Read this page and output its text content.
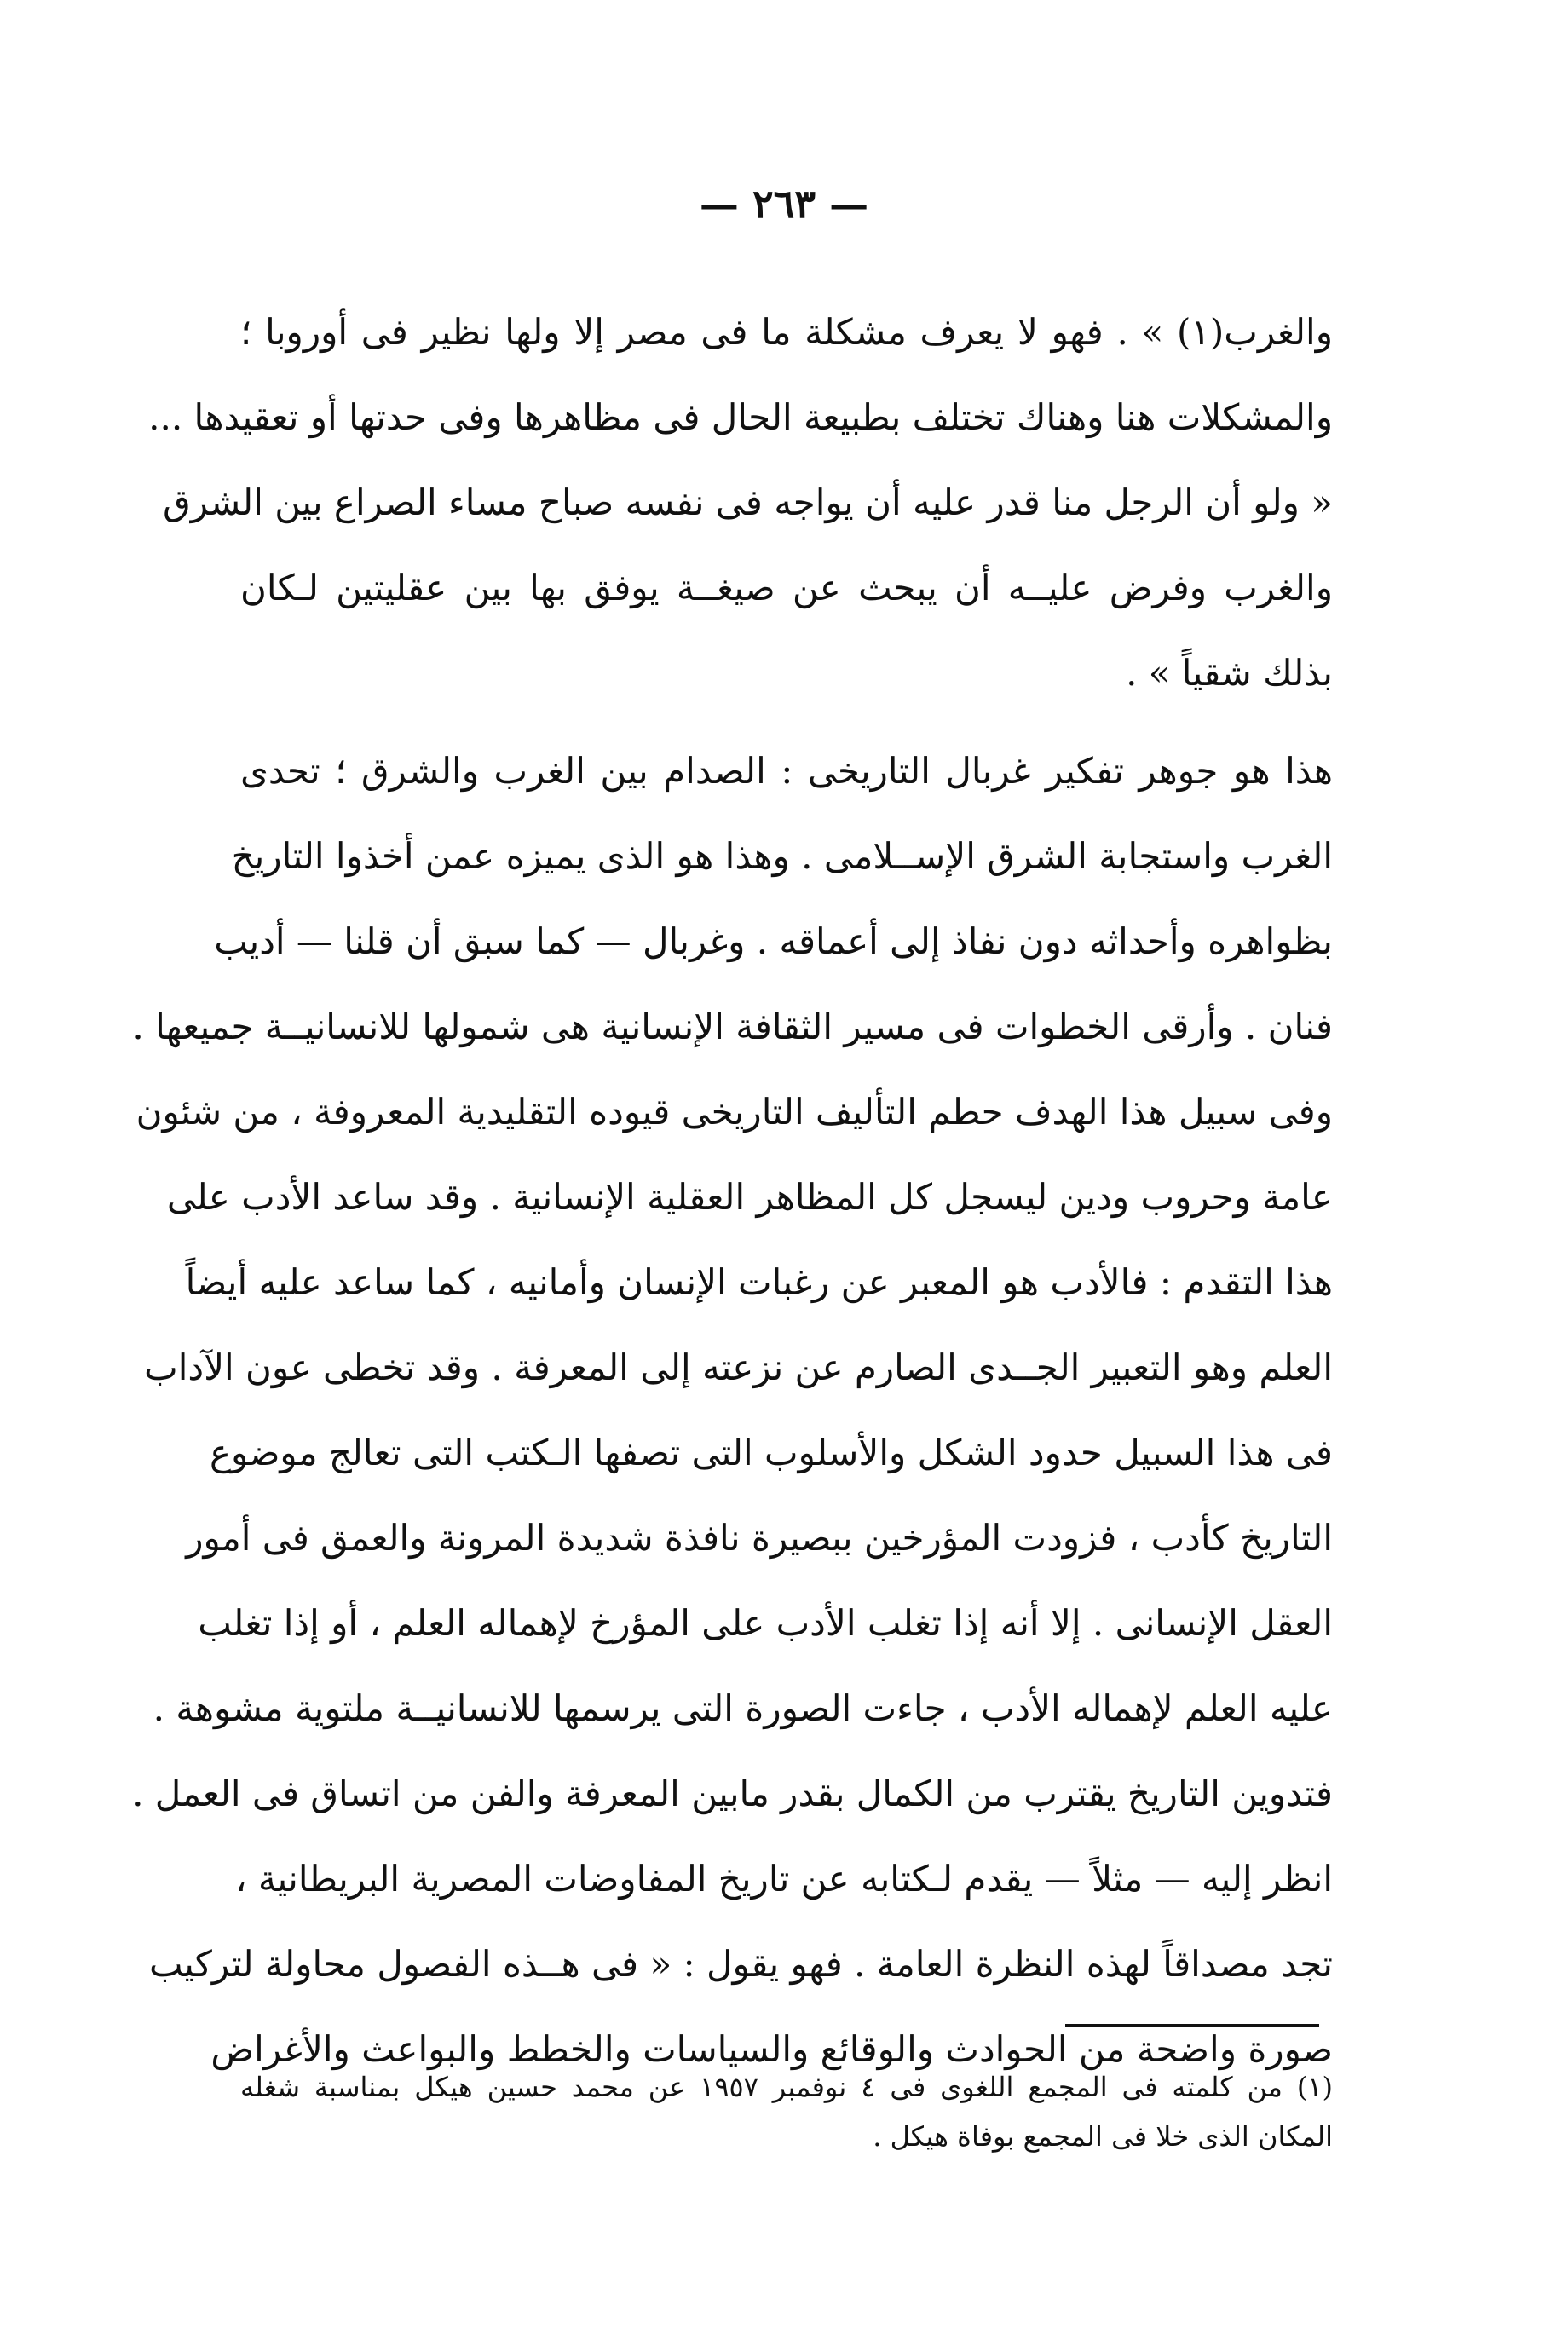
— ٢٦٣ —
والغرب(١) » . فهو لا يعرف مشكلة ما فى مصر إلا ولها نظير فى أوروبا ؛
والمشكلات هنا وهناك تختلف بطبيعة الحال فى مظاهرها وفى حدتها أو تعقيدها ...
« ولو أن الرجل منا قدر عليه أن يواجه فى نفسه صباح مساء الصراع بين الشرق
والغرب وفرض عليــه أن يبحث عن صيغــة يوفق بها بين عقليتين لـكان
بذلك شقياً » .
هذا هو جوهر تفكير غربال التاريخى : الصدام بين الغرب والشرق ؛ تحدى
الغرب واستجابة الشرق الإســلامى . وهذا هو الذى يميزه عمن أخذوا التاريخ
بظواهره وأحداثه دون نفاذ إلى أعماقه . وغربال — كما سبق أن قلنا — أديب
فنان . وأرقى الخطوات فى مسير الثقافة الإنسانية هى شمولها للانسانيــة جميعها .
وفى سبيل هذا الهدف حطم التأليف التاريخى قيوده التقليدية المعروفة ، من شئون
عامة وحروب ودين ليسجل كل المظاهر العقلية الإنسانية . وقد ساعد الأدب على
هذا التقدم : فالأدب هو المعبر عن رغبات الإنسان وأمانيه ، كما ساعد عليه أيضاً
العلم وهو التعبير الجــدى الصارم عن نزعته إلى المعرفة . وقد تخطى عون الآداب
فى هذا السبيل حدود الشكل والأسلوب التى تصفها الـكتب التى تعالج موضوع
التاريخ كأدب ، فزودت المؤرخين ببصيرة نافذة شديدة المرونة والعمق فى أمور
العقل الإنسانى . إلا أنه إذا تغلب الأدب على المؤرخ لإهماله العلم ، أو إذا تغلب
عليه العلم لإهماله الأدب ، جاءت الصورة التى يرسمها للانسانيــة ملتوية مشوهة .
فتدوين التاريخ يقترب من الكمال بقدر مابين المعرفة والفن من اتساق فى العمل .
انظر إليه — مثلاً — يقدم لـكتابه عن تاريخ المفاوضات المصرية البريطانية ،
تجد مصداقاً لهذه النظرة العامة . فهو يقول : « فى هــذه الفصول محاولة لتركيب
صورة واضحة من الحوادث والوقائع والسياسات والخطط والبواعث والأغراض
(١) من كلمته فى المجمع اللغوى فى ٤ نوفمبر ١٩٥٧ عن محمد حسين هيكل بمناسبة شغله
المكان الذى خلا فى المجمع بوفاة هيكل .
